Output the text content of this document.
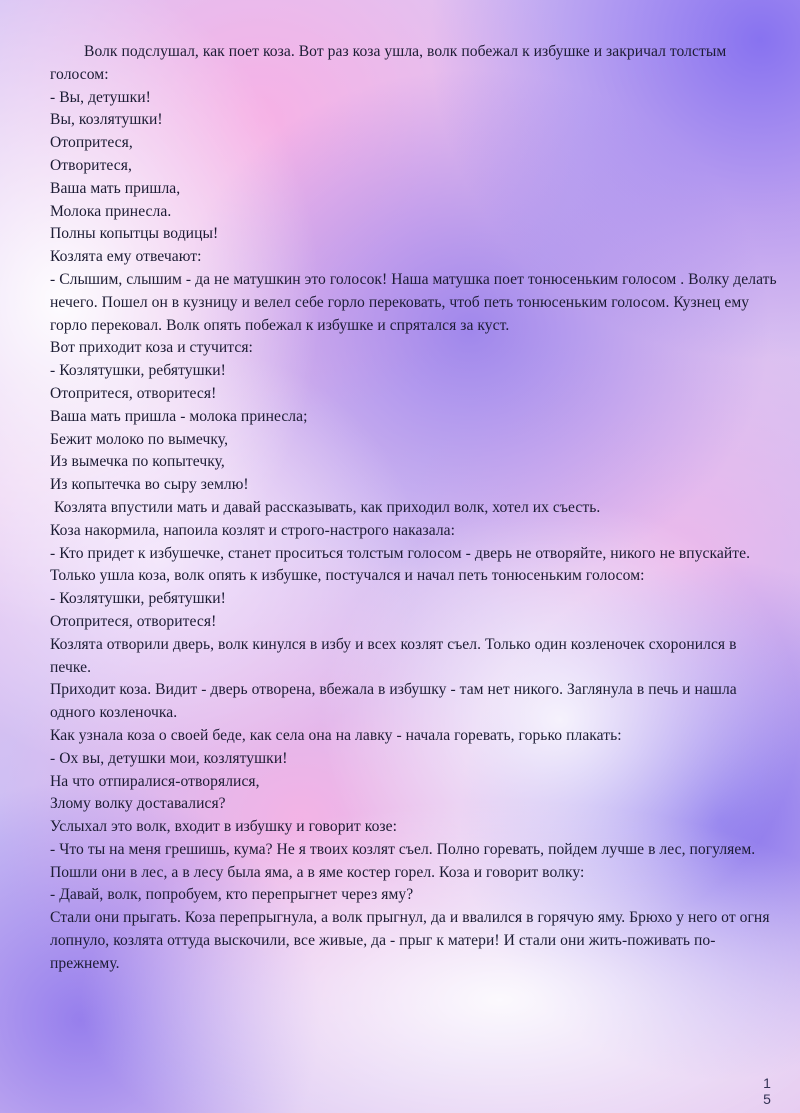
Волк подслушал, как поет коза. Вот раз коза ушла, волк побежал к избушке и закричал толстым голосом:

- Вы, детушки!

Вы, козлятушки!

Отопритеся,

Отворитеся,

Ваша мать пришла,

Молока принесла.

Полны копытцы водицы!

Козлята ему отвечают:

- Слышим, слышим - да не матушкин это голосок! Наша матушка поет тонюсеньким голосом . Волку делать нечего. Пошел он в кузницу и велел себе горло перековать, чтоб петь тонюсеньким голосом. Кузнец ему горло перековал. Волк опять побежал к избушке и спрятался за куст.

Вот приходит коза и стучится:

- Козлятушки, ребятушки!

Отопритеся, отворитеся!

Ваша мать пришла - молока принесла;

Бежит молоко по вымечку,

Из вымечка по копытечку,

Из копытечка во сыру землю!

Козлята впустили мать и давай рассказывать, как приходил волк, хотел их съесть.

Коза накормила, напоила козлят и строго-настрого наказала:

- Кто придет к избушечке, станет проситься толстым голосом - дверь не отворяйте, никого не впускайте.

Только ушла коза, волк опять к избушке, постучался и начал петь тонюсеньким голосом:

- Козлятушки, ребятушки!

Отопритеся, отворитеся!

Козлята отворили дверь, волк кинулся в избу и всех козлят съел. Только один козленочек схоронился в печке.

Приходит коза. Видит - дверь отворена, вбежала в избушку - там нет никого. Заглянула в печь и нашла одного козленочка.

Как узнала коза о своей беде, как села она на лавку - начала горевать, горько плакать:

- Ох вы, детушки мои, козлятушки!

На что отпиралися-отворялися,

Злому волку доставалися?

Услыхал это волк, входит в избушку и говорит козе:

- Что ты на меня грешишь, кума? Не я твоих козлят съел. Полно горевать, пойдем лучше в лес, погуляем.

Пошли они в лес, а в лесу была яма, а в яме костер горел. Коза и говорит волку:

- Давай, волк, попробуем, кто перепрыгнет через яму?

Стали они прыгать. Коза перепрыгнула, а волк прыгнул, да и ввалился в горячую яму. Брюхо у него от огня лопнуло, козлята оттуда выскочили, все живые, да - прыг к матери! И стали они жить-поживать по-прежнему.

15
